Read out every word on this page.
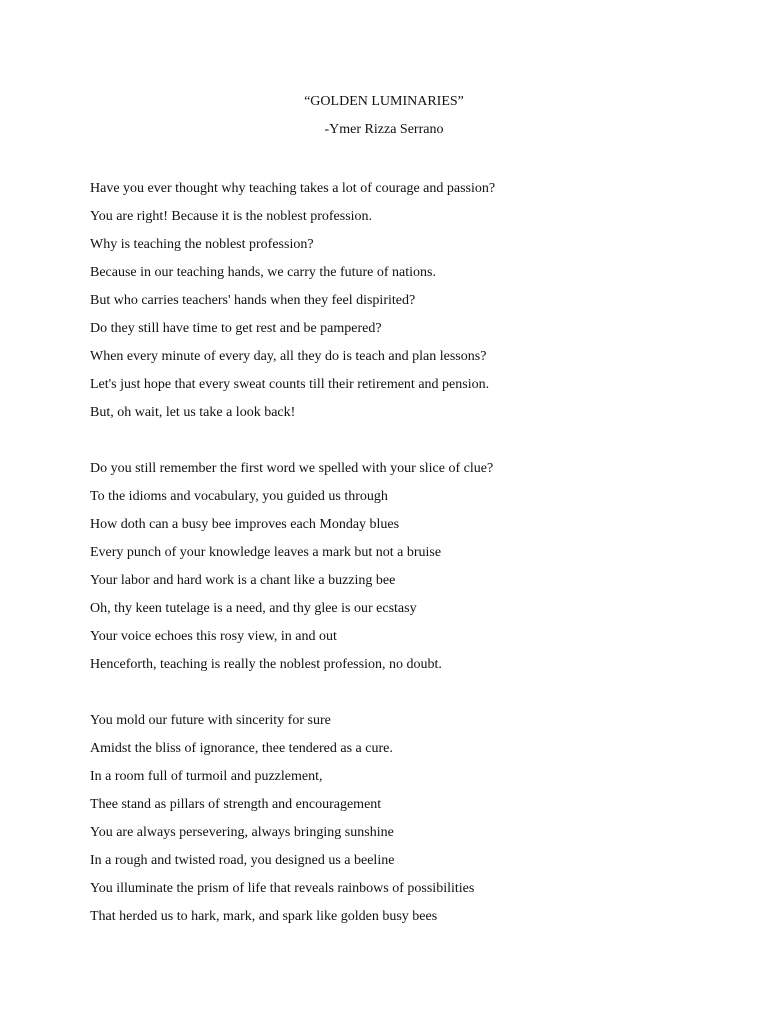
“GOLDEN LUMINARIES”
-Ymer Rizza Serrano
Have you ever thought why teaching takes a lot of courage and passion?
You are right! Because it is the noblest profession.
Why is teaching the noblest profession?
Because in our teaching hands, we carry the future of nations.
But who carries teachers' hands when they feel dispirited?
Do they still have time to get rest and be pampered?
When every minute of every day, all they do is teach and plan lessons?
Let's just hope that every sweat counts till their retirement and pension.
But, oh wait, let us take a look back!
Do you still remember the first word we spelled with your slice of clue?
To the idioms and vocabulary, you guided us through
How doth can a busy bee improves each Monday blues
Every punch of your knowledge leaves a mark but not a bruise
Your labor and hard work is a chant like a buzzing bee
Oh, thy keen tutelage is a need, and thy glee is our ecstasy
Your voice echoes this rosy view, in and out
Henceforth, teaching is really the noblest profession, no doubt.
You mold our future with sincerity for sure
Amidst the bliss of ignorance, thee tendered as a cure.
In a room full of turmoil and puzzlement,
Thee stand as pillars of strength and encouragement
You are always persevering, always bringing sunshine
In a rough and twisted road, you designed us a beeline
You illuminate the prism of life that reveals rainbows of possibilities
That herded us to hark, mark, and spark like golden busy bees
